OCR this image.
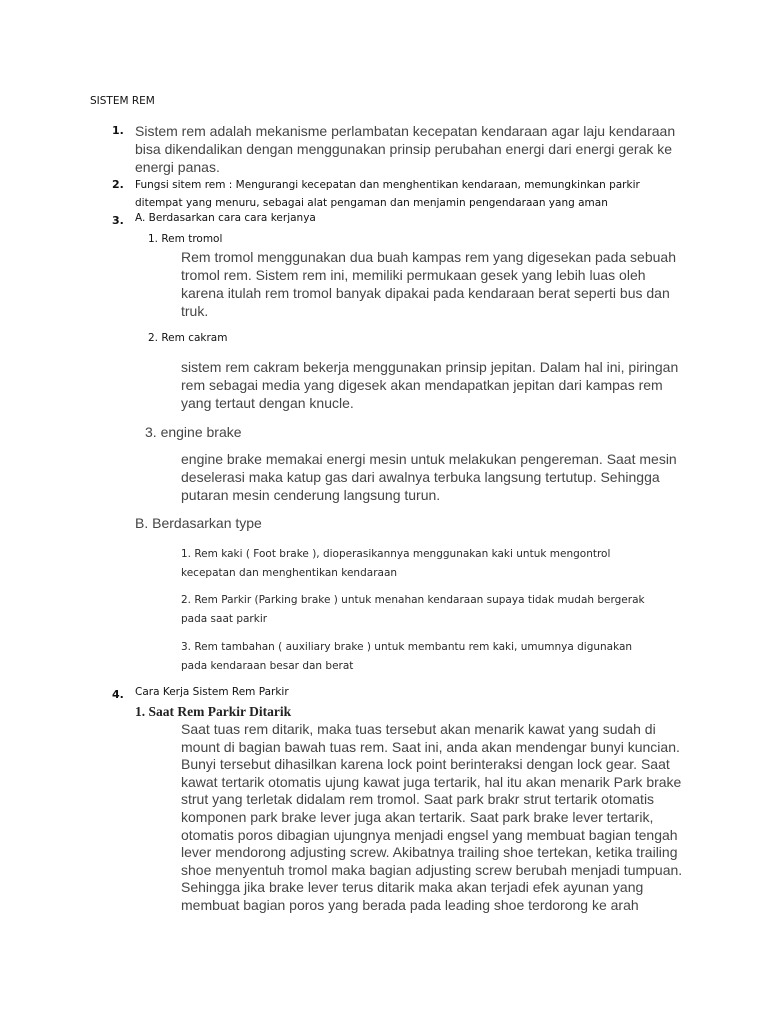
SISTEM REM
1. Sistem rem adalah mekanisme perlambatan kecepatan kendaraan agar laju kendaraan
bisa dikendalikan dengan menggunakan prinsip perubahan energi dari energi gerak ke
energi panas.
2. Fungsi sitem rem : Mengurangi kecepatan dan menghentikan kendaraan, memungkinkan parkir
ditempat yang menuru, sebagai alat pengaman dan menjamin pengendaraan yang aman
3. A. Berdasarkan cara cara kerjanya
1. Rem tromol
Rem tromol menggunakan dua buah kampas rem yang digesekan pada sebuah
tromol rem. Sistem rem ini, memiliki permukaan gesek yang lebih luas oleh
karena itulah rem tromol banyak dipakai pada kendaraan berat seperti bus dan
truk.
2. Rem cakram
sistem rem cakram bekerja menggunakan prinsip jepitan. Dalam hal ini, piringan
rem sebagai media yang digesek akan mendapatkan jepitan dari kampas rem
yang tertaut dengan knucle.
3. engine brake
engine brake memakai energi mesin untuk melakukan pengereman. Saat mesin
deselerasi maka katup gas dari awalnya terbuka langsung tertutup. Sehingga
putaran mesin cenderung langsung turun.
B. Berdasarkan type
1. Rem kaki ( Foot brake ), dioperasikannya menggunakan kaki untuk mengontrol
kecepatan dan menghentikan kendaraan
2. Rem Parkir (Parking brake ) untuk menahan kendaraan supaya tidak mudah bergerak
pada saat parkir
3. Rem tambahan ( auxiliary brake ) untuk membantu rem kaki, umumnya digunakan
pada kendaraan besar dan berat
4. Cara Kerja Sistem Rem Parkir
1. Saat Rem Parkir Ditarik
Saat tuas rem ditarik, maka tuas tersebut akan menarik kawat yang sudah di
mount di bagian bawah tuas rem. Saat ini, anda akan mendengar bunyi kuncian.
Bunyi tersebut dihasilkan karena lock point berinteraksi dengan lock gear. Saat
kawat tertarik otomatis ujung kawat juga tertarik, hal itu akan menarik Park brake
strut yang terletak didalam rem tromol. Saat park brakr strut tertarik otomatis
komponen park brake lever juga akan tertarik. Saat park brake lever tertarik,
otomatis poros dibagian ujungnya menjadi engsel yang membuat bagian tengah
lever mendorong adjusting screw. Akibatnya trailing shoe tertekan, ketika trailing
shoe menyentuh tromol maka bagian adjusting screw berubah menjadi tumpuan.
Sehingga jika brake lever terus ditarik maka akan terjadi efek ayunan yang
membuat bagian poros yang berada pada leading shoe terdorong ke arah
